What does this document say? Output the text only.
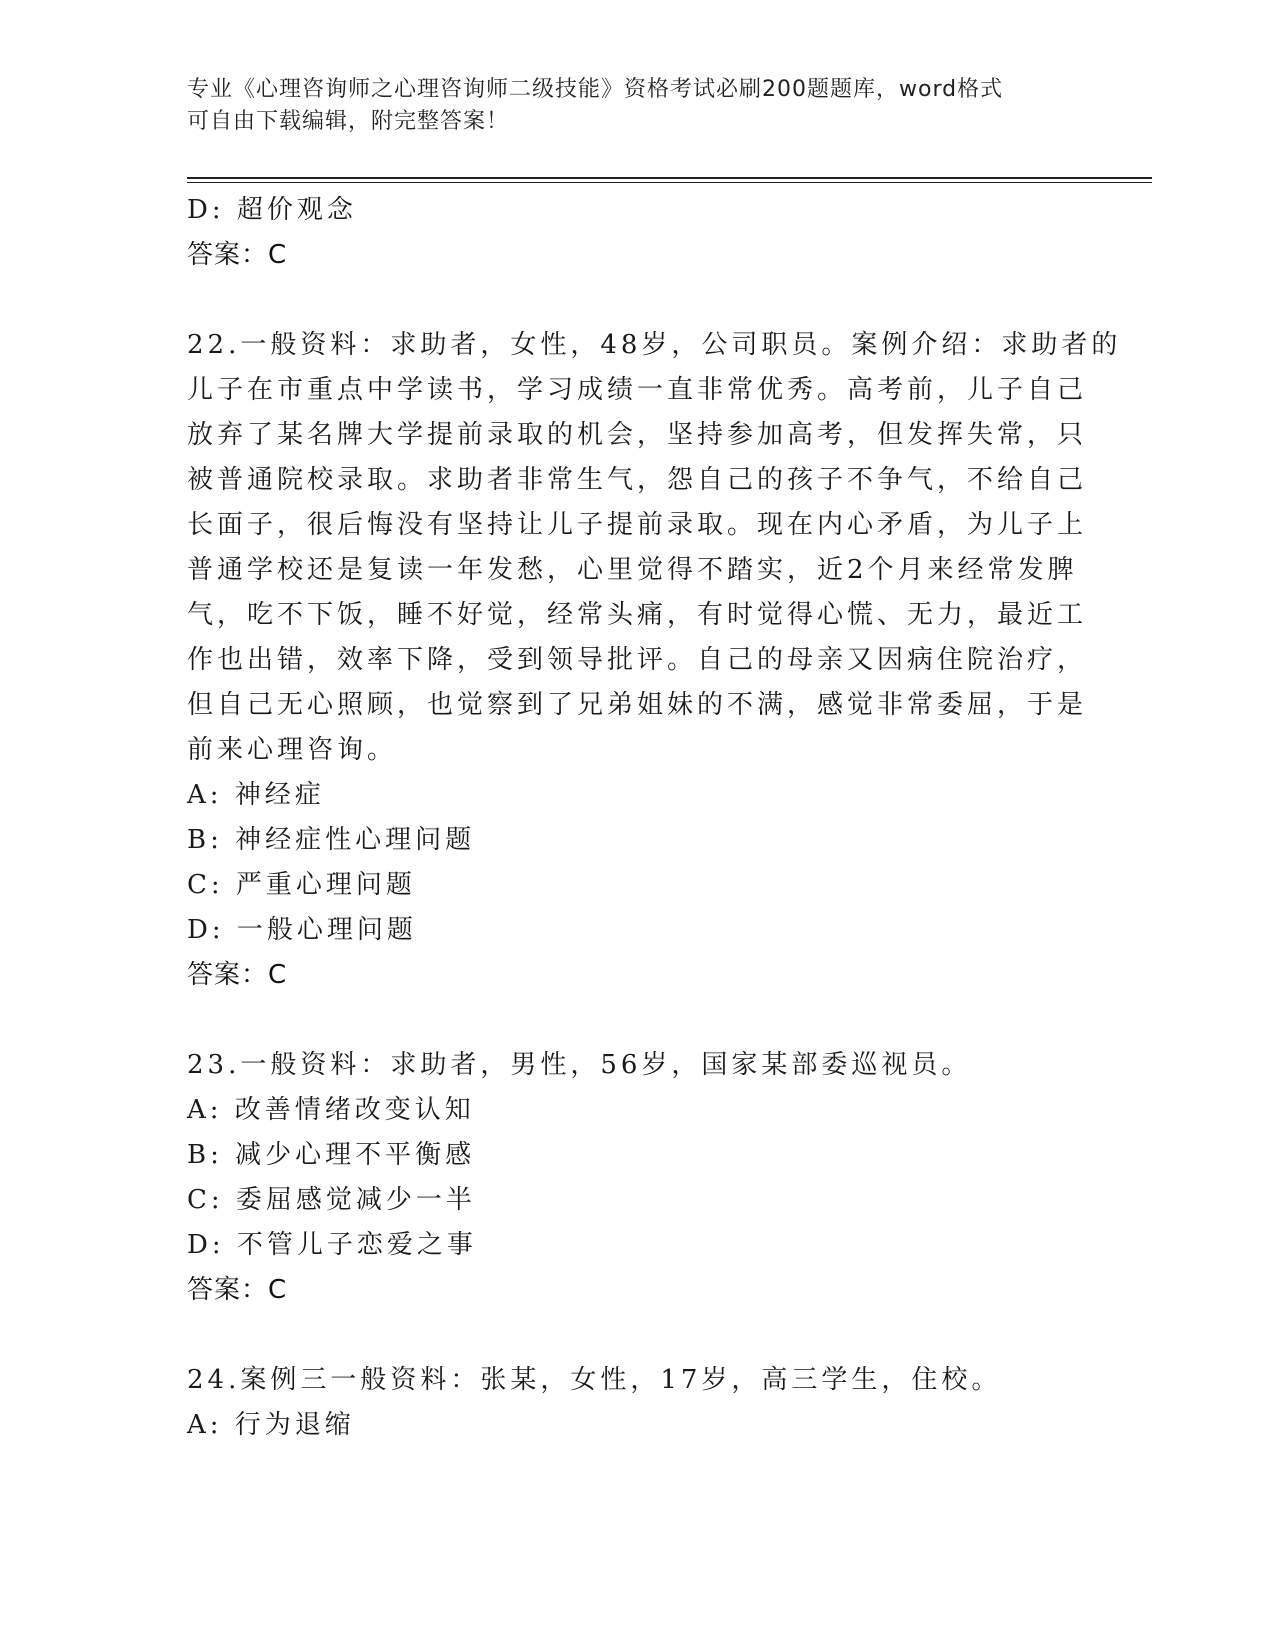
专业《心理咨询师之心理咨询师二级技能》资格考试必刷200题题库，word格式
可自由下载编辑，附完整答案！
D: 超价观念
答案：C
22.一般资料：求助者，女性，48岁，公司职员。案例介绍：求助者的
儿子在市重点中学读书，学习成绩一直非常优秀。高考前，儿子自己
放弃了某名牌大学提前录取的机会，坚持参加高考，但发挥失常，只
被普通院校录取。求助者非常生气，怨自己的孩子不争气，不给自己
长面子，很后悔没有坚持让儿子提前录取。现在内心矛盾，为儿子上
普通学校还是复读一年发愁，心里觉得不踏实，近2个月来经常发脾
气，吃不下饭，睡不好觉，经常头痛，有时觉得心慌、无力，最近工
作也出错，效率下降，受到领导批评。自己的母亲又因病住院治疗，
但自己无心照顾，也觉察到了兄弟姐妹的不满，感觉非常委屈，于是
前来心理咨询。
A: 神经症
B: 神经症性心理问题
C: 严重心理问题
D: 一般心理问题
答案：C
23.一般资料：求助者，男性，56岁，国家某部委巡视员。
A: 改善情绪改变认知
B: 减少心理不平衡感
C: 委屈感觉减少一半
D: 不管儿子恋爱之事
答案：C
24.案例三一般资料：张某，女性，17岁，高三学生，住校。
A: 行为退缩
